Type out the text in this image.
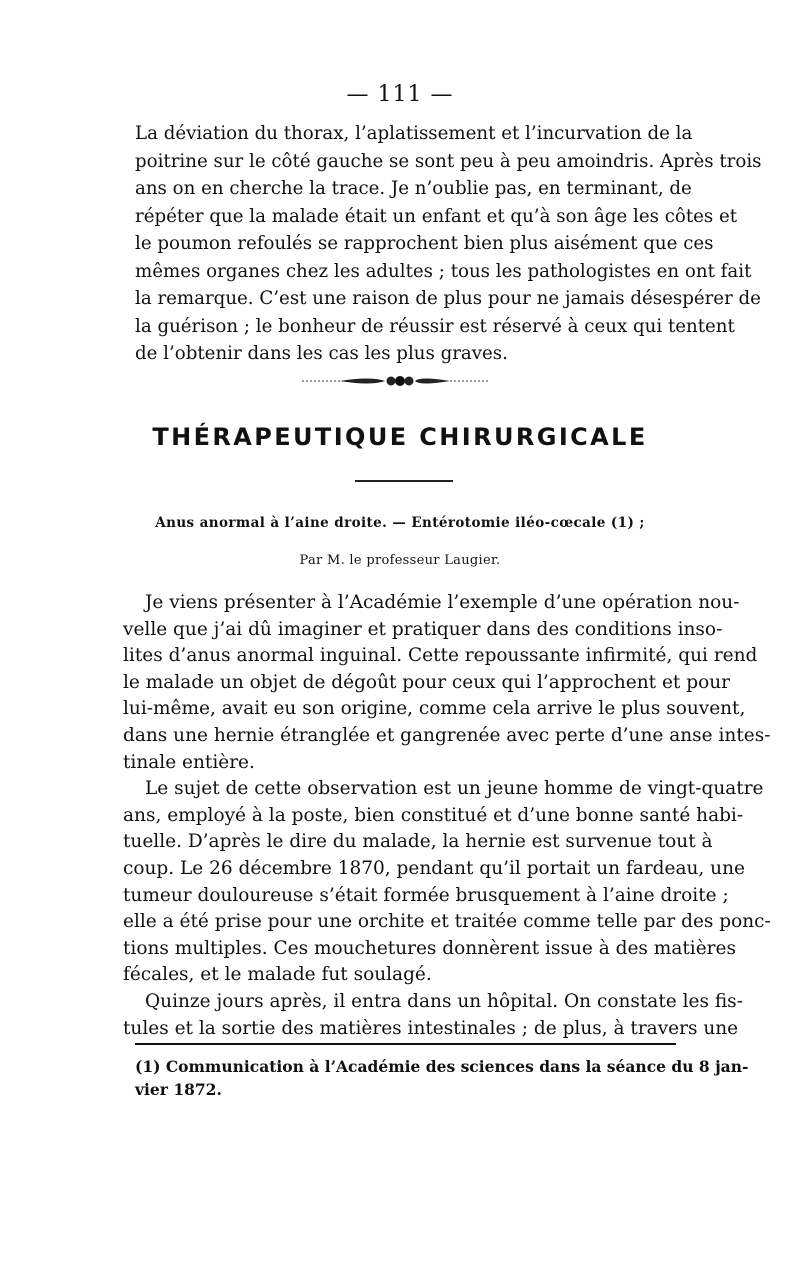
— 111 —
La déviation du thorax, l’aplatissement et l’incurvation de la
poitrine sur le côté gauche se sont peu à peu amoindris. Après trois
ans on en cherche la trace. Je n’oublie pas, en terminant, de
répéter que la malade était un enfant et qu’à son âge les côtes et
le poumon refoulés se rapprochent bien plus aisément que ces
mêmes organes chez les adultes ; tous les pathologistes en ont fait
la remarque. C’est une raison de plus pour ne jamais désespérer de
la guérison ; le bonheur de réussir est réservé à ceux qui tentent
de l’obtenir dans les cas les plus graves.
THÉRAPEUTIQUE CHIRURGICALE
Anus anormal à l’aine droite. — Entérotomie iléo-cœcale (1) ;
Par M. le professeur Laugier.
Je viens présenter à l’Académie l’exemple d’une opération nou-
velle que j’ai dû imaginer et pratiquer dans des conditions inso-
lites d’anus anormal inguinal. Cette repoussante infirmité, qui rend
le malade un objet de dégoût pour ceux qui l’approchent et pour
lui-même, avait eu son origine, comme cela arrive le plus souvent,
dans une hernie étranglée et gangrenée avec perte d’une anse intes-
tinale entière.
Le sujet de cette observation est un jeune homme de vingt-quatre
ans, employé à la poste, bien constitué et d’une bonne santé habi-
tuelle. D’après le dire du malade, la hernie est survenue tout à
coup. Le 26 décembre 1870, pendant qu’il portait un fardeau, une
tumeur douloureuse s’était formée brusquement à l’aine droite ;
elle a été prise pour une orchite et traitée comme telle par des ponc-
tions multiples. Ces mouchetures donnèrent issue à des matières
fécales, et le malade fut soulagé.
Quinze jours après, il entra dans un hôpital. On constate les fis-
tules et la sortie des matières intestinales ; de plus, à travers une
(1) Communication à l’Académie des sciences dans la séance du 8 jan-
vier 1872.
